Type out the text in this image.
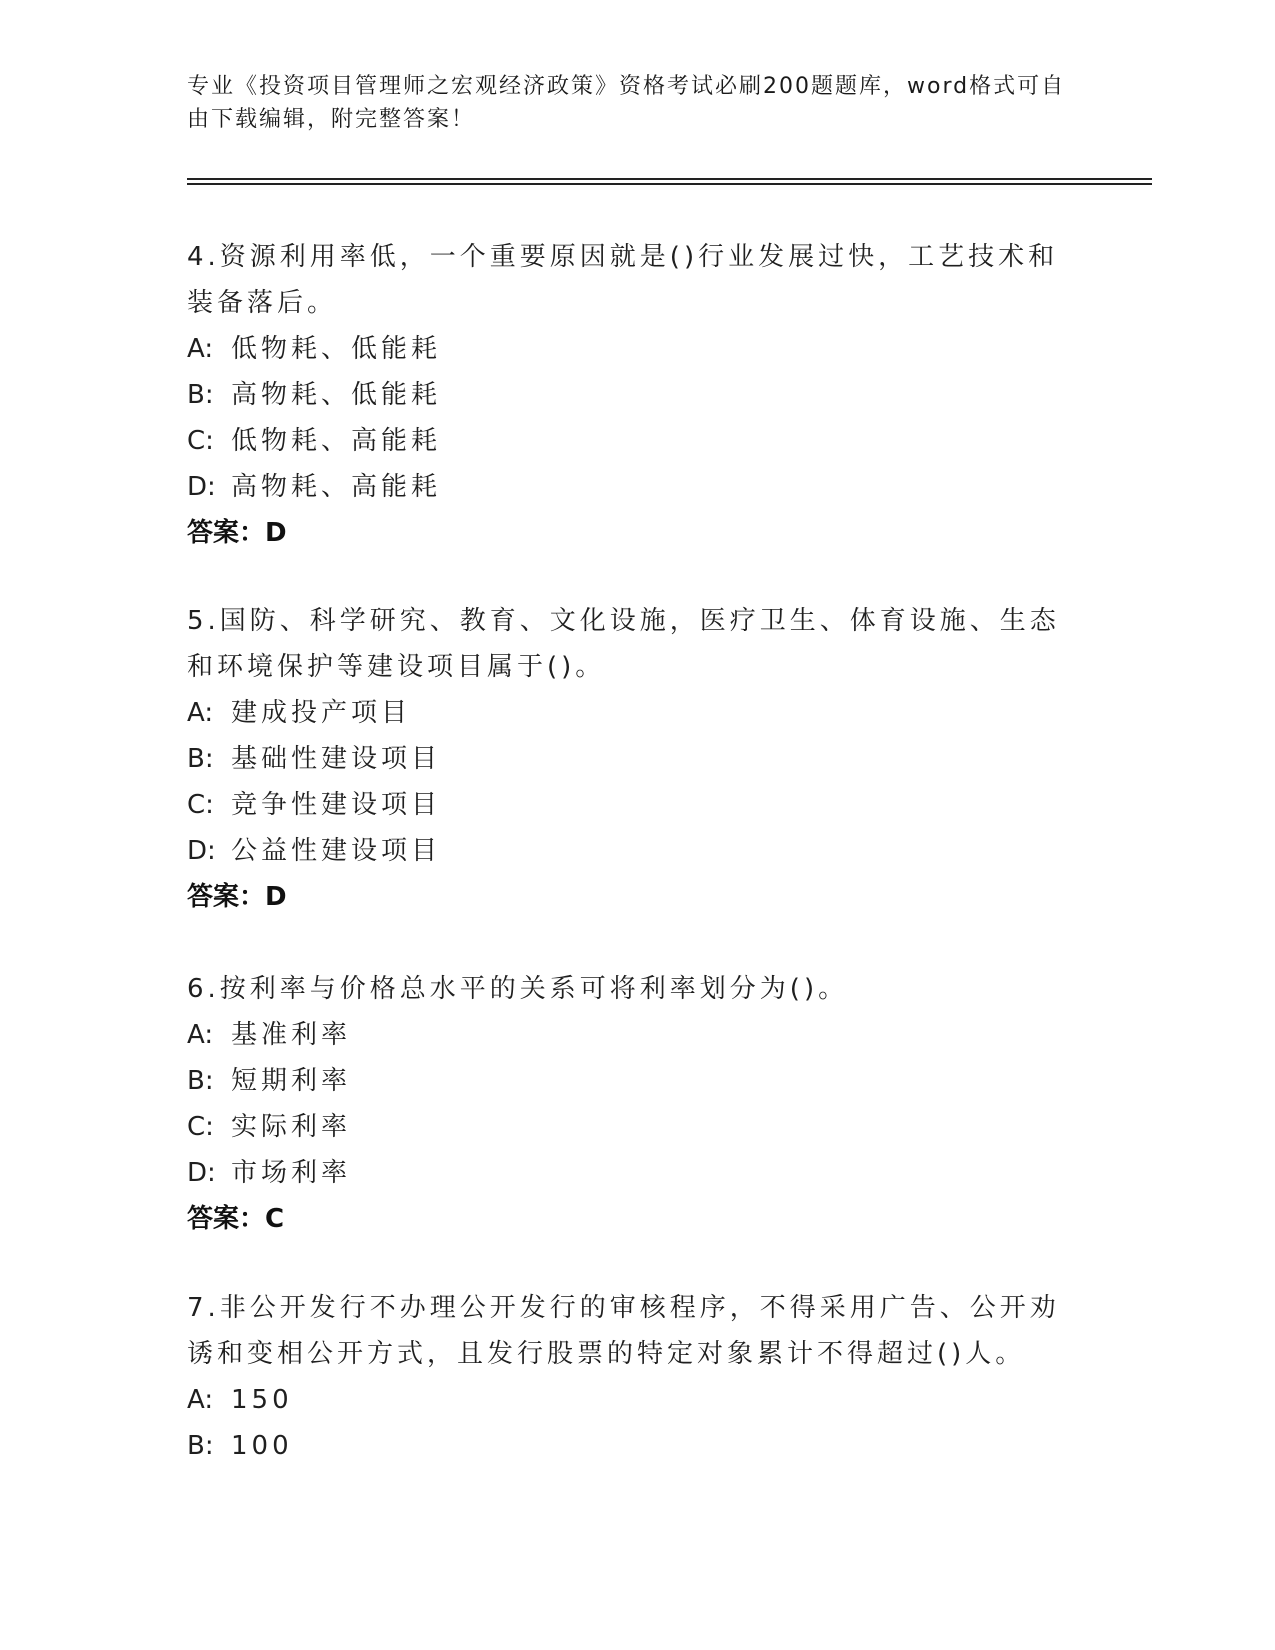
专业《投资项目管理师之宏观经济政策》资格考试必刷200题题库，word格式可自由下载编辑，附完整答案！

4.资源利用率低，一个重要原因就是()行业发展过快，工艺技术和装备落后。

A: 低物耗、低能耗

B: 高物耗、低能耗

C: 低物耗、高能耗

D: 高物耗、高能耗

答案：D

5.国防、科学研究、教育、文化设施，医疗卫生、体育设施、生态和环境保护等建设项目属于()。

A: 建成投产项目

B: 基础性建设项目

C: 竞争性建设项目

D: 公益性建设项目

答案：D

6.按利率与价格总水平的关系可将利率划分为()。

A: 基准利率

B: 短期利率

C: 实际利率

D: 市场利率

答案：C

7.非公开发行不办理公开发行的审核程序，不得采用广告、公开劝诱和变相公开方式，且发行股票的特定对象累计不得超过()人。

A: 150

B: 100
